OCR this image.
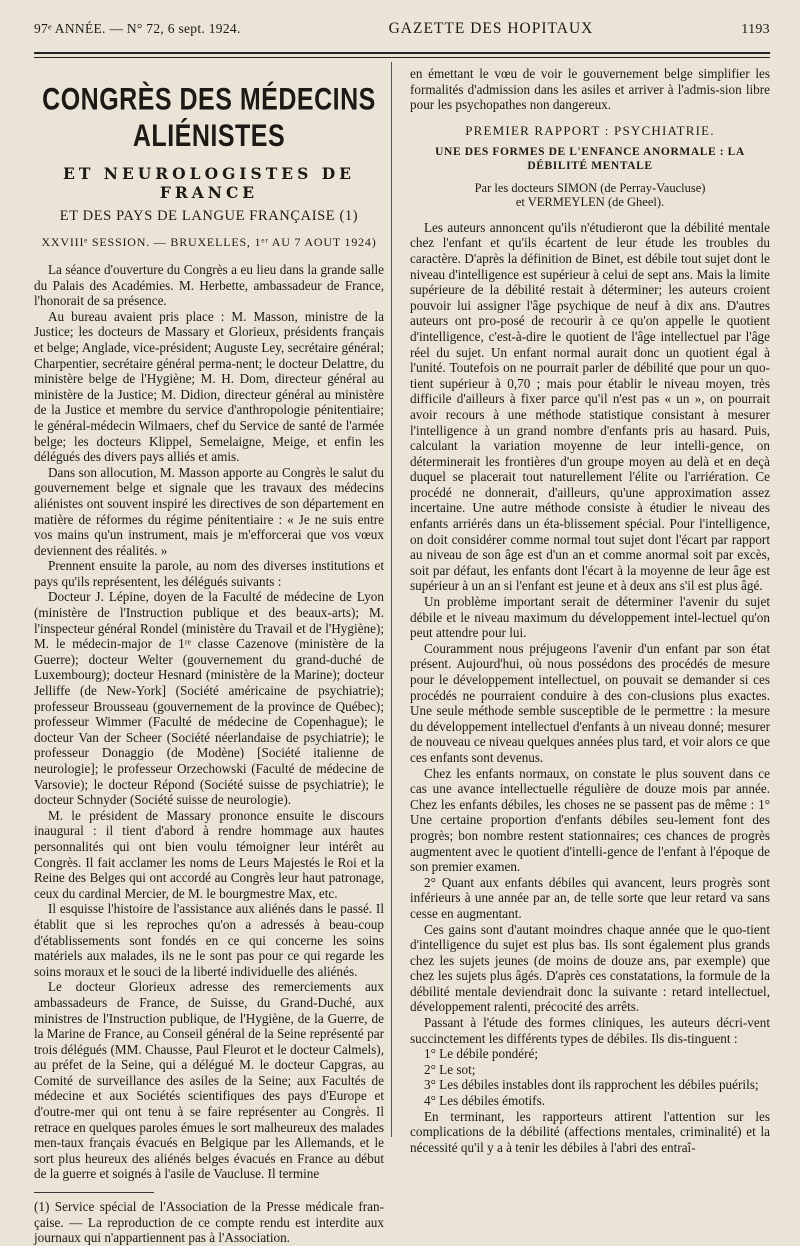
97ᵉ ANNÉE. — N° 72, 6 sept. 1924.	GAZETTE DES HOPITAUX	1193
CONGRÈS DES MÉDECINS ALIÉNISTES
ET NEUROLOGISTES DE FRANCE
ET DES PAYS DE LANGUE FRANÇAISE (1)
XXVIIIᵉ SESSION. — BRUXELLES, 1ᵉʳ AU 7 AOUT 1924)

La séance d'ouverture du Congrès a eu lieu dans la grande salle du Palais des Académies. M. Herbette, ambassadeur de France, l'honorait de sa présence.

Au bureau avaient pris place : M. Masson, ministre de la Justice; les docteurs de Massary et Glorieux, présidents français et belge; Anglade, vice-président; Auguste Ley, secrétaire général; Charpentier, secrétaire général perma-nent; le docteur Delattre, du ministère belge de l'Hygiène; M. H. Dom, directeur général au ministère de la Justice; M. Didion, directeur général au ministère de la Justice et membre du service d'anthropologie pénitentiaire; le général-médecin Wilmaers, chef du Service de santé de l'armée belge; les docteurs Klippel, Semelaigne, Meige, et enfin les délégués des divers pays alliés et amis.

Dans son allocution, M. Masson apporte au Congrès le salut du gouvernement belge et signale que les travaux des médecins aliénistes ont souvent inspiré les directives de son département en matière de réformes du régime pénitentiaire : « Je ne suis entre vos mains qu'un instrument, mais je m'efforcerai que vos vœux deviennent des réalités. »

Prennent ensuite la parole, au nom des diverses institutions et pays qu'ils représentent, les délégués suivants :

Docteur J. Lépine, doyen de la Faculté de médecine de Lyon (ministère de l'Instruction publique et des beaux-arts); M. l'inspecteur général Rondel (ministère du Travail et de l'Hygiène); M. le médecin-major de 1ʳᵉ classe Cazenove (ministère de la Guerre); docteur Welter (gouvernement du grand-duché de Luxembourg); docteur Hesnard (ministère de la Marine); docteur Jelliffe (de New-York] (Société américaine de psychiatrie); professeur Brousseau (gouvernement de la province de Québec); professeur Wimmer (Faculté de médecine de Copenhague); le docteur Van der Scheer (Société néerlandaise de psychiatrie); le professeur Donaggio (de Modène) [Société italienne de neurologie]; le professeur Orzechowski (Faculté de médecine de Varsovie); le docteur Répond (Société suisse de psychiatrie); le docteur Schnyder (Société suisse de neurologie).

M. le président de Massary prononce ensuite le discours inaugural : il tient d'abord à rendre hommage aux hautes personnalités qui ont bien voulu témoigner leur intérêt au Congrès. Il fait acclamer les noms de Leurs Majestés le Roi et la Reine des Belges qui ont accordé au Congrès leur haut patronage, ceux du cardinal Mercier, de M. le bourgmestre Max, etc.

Il esquisse l'histoire de l'assistance aux aliénés dans le passé. Il établit que si les reproches qu'on a adressés à beau-coup d'établissements sont fondés en ce qui concerne les soins matériels aux malades, ils ne le sont pas pour ce qui regarde les soins moraux et le souci de la liberté individuelle des aliénés.

Le docteur Glorieux adresse des remerciements aux ambassadeurs de France, de Suisse, du Grand-Duché, aux ministres de l'Instruction publique, de l'Hygiène, de la Guerre, de la Marine de France, au Conseil général de la Seine représenté par trois délégués (MM. Chausse, Paul Fleurot et le docteur Calmels), au préfet de la Seine, qui a délégué M. le docteur Capgras, au Comité de surveillance des asiles de la Seine; aux Facultés de médecine et aux Sociétés scientifiques des pays d'Europe et d'outre-mer qui ont tenu à se faire représenter au Congrès. Il retrace en quelques paroles émues le sort malheureux des malades men-taux français évacués en Belgique par les Allemands, et le sort plus heureux des aliénés belges évacués en France au début de la guerre et soignés à l'asile de Vaucluse. Il termine

(1) Service spécial de l'Association de la Presse médicale fran-çaise. — La reproduction de ce compte rendu est interdite aux journaux qui n'appartiennent pas à l'Association.

en émettant le vœu de voir le gouvernement belge simplifier les formalités d'admission dans les asiles et arriver à l'admis-sion libre pour les psychopathes non dangereux.

PREMIER RAPPORT : PSYCHIATRIE.
UNE DES FORMES DE L'ENFANCE ANORMALE : LA DÉBILITÉ MENTALE
Par les docteurs SIMON (de Perray-Vaucluse)
et VERMEYLEN (de Gheel).

Les auteurs annoncent qu'ils n'étudieront que la débilité mentale chez l'enfant et qu'ils écartent de leur étude les troubles du caractère. D'après la définition de Binet, est débile tout sujet dont le niveau d'intelligence est supérieur à celui de sept ans. Mais la limite supérieure de la débilité restait à déterminer; les auteurs croient pouvoir lui assigner l'âge psychique de neuf à dix ans. D'autres auteurs ont pro-posé de recourir à ce qu'on appelle le quotient d'intelligence, c'est-à-dire le quotient de l'âge intellectuel par l'âge réel du sujet. Un enfant normal aurait donc un quotient égal à l'unité. Toutefois on ne pourrait parler de débilité que pour un quo-tient supérieur à 0,70 ; mais pour établir le niveau moyen, très difficile d'ailleurs à fixer parce qu'il n'est pas « un », on pourrait avoir recours à une méthode statistique consistant à mesurer l'intelligence à un grand nombre d'enfants pris au hasard. Puis, calculant la variation moyenne de leur intelli-gence, on déterminerait les frontières d'un groupe moyen au delà et en deçà duquel se placerait tout naturellement l'élite ou l'arriération. Ce procédé ne donnerait, d'ailleurs, qu'une approximation assez incertaine. Une autre méthode consiste à étudier le niveau des enfants arriérés dans un éta-blissement spécial. Pour l'intelligence, on doit considérer comme normal tout sujet dont l'écart par rapport au niveau de son âge est d'un an et comme anormal soit par excès, soit par défaut, les enfants dont l'écart à la moyenne de leur âge est supérieur à un an si l'enfant est jeune et à deux ans s'il est plus âgé.

Un problème important serait de déterminer l'avenir du sujet débile et le niveau maximum du développement intel-lectuel qu'on peut attendre pour lui.

Couramment nous préjugeons l'avenir d'un enfant par son état présent. Aujourd'hui, où nous possédons des procédés de mesure pour le développement intellectuel, on pouvait se demander si ces procédés ne pourraient conduire à des con-clusions plus exactes. Une seule méthode semble susceptible de le permettre : la mesure du développement intellectuel d'enfants à un niveau donné; mesurer de nouveau ce niveau quelques années plus tard, et voir alors ce que ces enfants sont devenus.

Chez les enfants normaux, on constate le plus souvent dans ce cas une avance intellectuelle régulière de douze mois par année. Chez les enfants débiles, les choses ne se passent pas de même : 1° Une certaine proportion d'enfants débiles seu-lement font des progrès; bon nombre restent stationnaires; ces chances de progrès augmentent avec le quotient d'intelli-gence de l'enfant à l'époque de son premier examen.

2° Quant aux enfants débiles qui avancent, leurs progrès sont inférieurs à une année par an, de telle sorte que leur retard va sans cesse en augmentant.

Ces gains sont d'autant moindres chaque année que le quo-tient d'intelligence du sujet est plus bas. Ils sont également plus grands chez les sujets jeunes (de moins de douze ans, par exemple) que chez les sujets plus âgés. D'après ces constatations, la formule de la débilité mentale deviendrait donc la suivante : retard intellectuel, développement ralenti, précocité des arrêts.

Passant à l'étude des formes cliniques, les auteurs décri-vent succinctement les différents types de débiles. Ils dis-tinguent :

1° Le débile pondéré;

2° Le sot;

3° Les débiles instables dont ils rapprochent les débiles puérils;

4° Les débiles émotifs.

En terminant, les rapporteurs attirent l'attention sur les complications de la débilité (affections mentales, criminalité) et la nécessité qu'il y a à tenir les débiles à l'abri des entraî-
